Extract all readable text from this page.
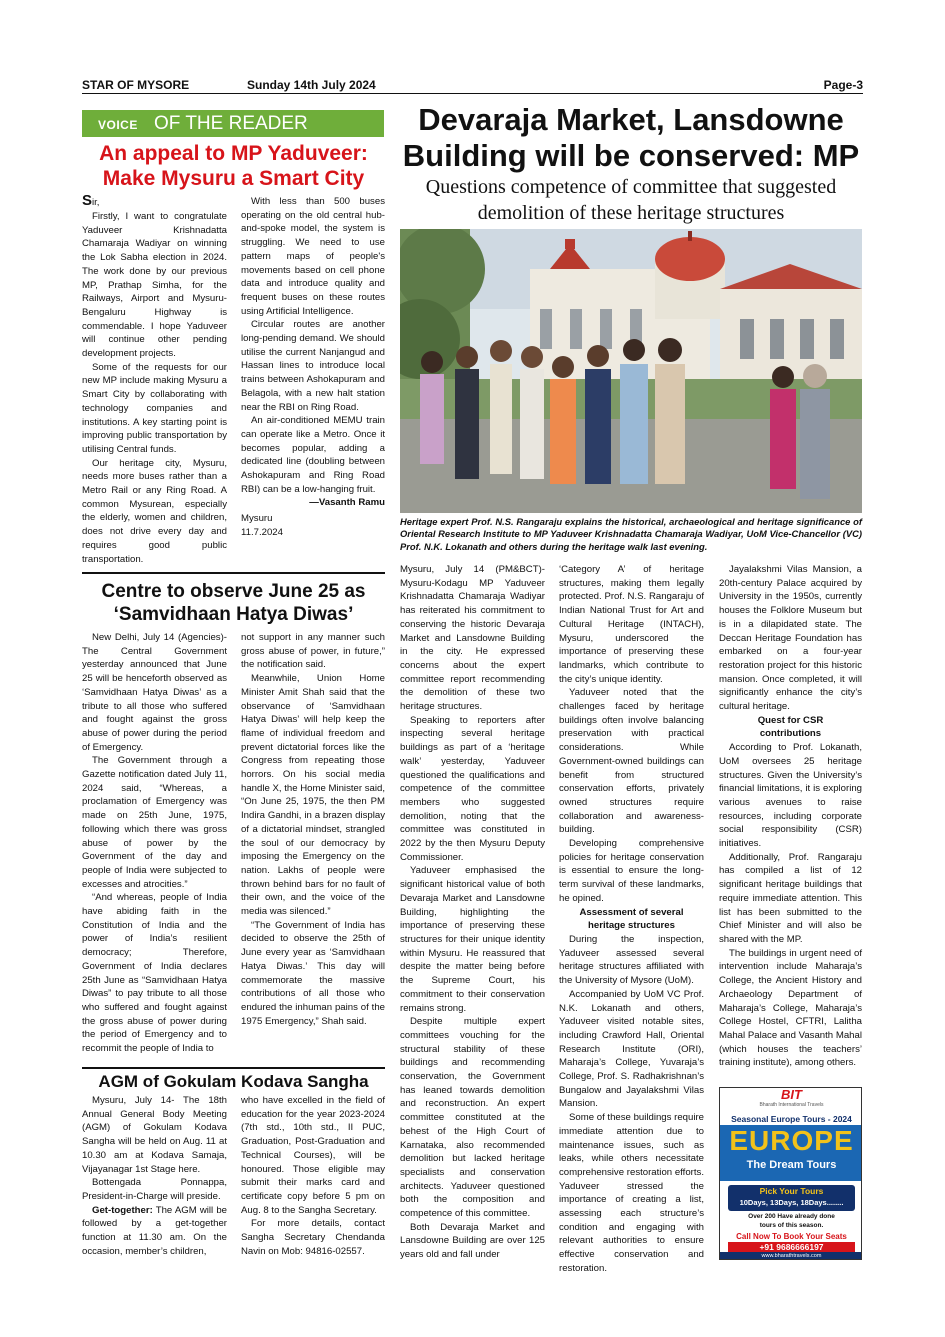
STAR OF MYSORE	Sunday 14th July 2024	Page-3
VOICE OF THE READER
An appeal to MP Yaduveer:
Make Mysuru a Smart City

Sir,

Firstly, I want to congratulate Yaduveer Krishnadatta Chamaraja Wadiyar on winning the Lok Sabha election in 2024. The work done by our previous MP, Prathap Simha, for the Railways, Airport and Mysuru-Bengaluru Highway is commendable. I hope Yaduveer will continue other pending development projects.

Some of the requests for our new MP include making Mysuru a Smart City by collaborating with technology companies and institutions. A key starting point is improving public transportation by utilising Central funds.

Our heritage city, Mysuru, needs more buses rather than a Metro Rail or any Ring Road. A common Mysurean, especially the elderly, women and children, does not drive every day and requires good public transportation.

With less than 500 buses operating on the old central hub-and-spoke model, the system is struggling. We need to use pattern maps of people's movements based on cell phone data and introduce quality and frequent buses on these routes using Artificial Intelligence.

Circular routes are another long-pending demand. We should utilise the current Nanjangud and Hassan lines to introduce local trains between Ashokapuram and Belagola, with a new halt station near the RBI on Ring Road.

An air-conditioned MEMU train can operate like a Metro. Once it becomes popular, adding a dedicated line (doubling between Ashokapuram and Ring Road RBI) can be a low-hanging fruit.

—Vasanth Ramu

Mysuru

11.7.2024

Centre to observe June 25 as
‘Samvidhaan Hatya Diwas’

New Delhi, July 14 (Agencies)- The Central Government yesterday announced that June 25 will be henceforth observed as ‘Samvidhaan Hatya Diwas’ as a tribute to all those who suffered and fought against the gross abuse of power during the period of Emergency.

The Government through a Gazette notification dated July 11, 2024 said, “Whereas, a proclamation of Emergency was made on 25th June, 1975, following which there was gross abuse of power by the Government of the day and people of India were subjected to excesses and atrocities.”

“And whereas, people of India have abiding faith in the Constitution of India and the power of India’s resilient democracy; Therefore, Government of India declares 25th June as “Samvidhaan Hatya Diwas” to pay tribute to all those who suffered and fought against the gross abuse of power during the period of Emergency and to recommit the people of India to

not support in any manner such gross abuse of power, in future,” the notification said.

Meanwhile, Union Home Minister Amit Shah said that the observance of ‘Samvidhaan Hatya Diwas’ will help keep the flame of individual freedom and prevent dictatorial forces like the Congress from repeating those horrors. On his social media handle X, the Home Minister said, “On June 25, 1975, the then PM Indira Gandhi, in a brazen display of a dictatorial mindset, strangled the soul of our democracy by imposing the Emergency on the nation. Lakhs of people were thrown behind bars for no fault of their own, and the voice of the media was silenced.”

“The Government of India has decided to observe the 25th of June every year as ‘Samvidhaan Hatya Diwas.’ This day will commemorate the massive contributions of all those who endured the inhuman pains of the 1975 Emergency,” Shah said.

AGM of Gokulam Kodava Sangha

Mysuru, July 14- The 18th Annual General Body Meeting (AGM) of Gokulam Kodava Sangha will be held on Aug. 11 at 10.30 am at Kodava Samaja, Vijayanagar 1st Stage here.

Bottengada Ponnappa, President-in-Charge will preside.

Get-together: The AGM will be followed by a get-together function at 11.30 am. On the occasion, member’s children,

who have excelled in the field of education for the year 2023-2024 (7th std., 10th std., II PUC, Graduation, Post-Graduation and Technical Courses), will be honoured. Those eligible may submit their marks card and certificate copy before 5 pm on Aug. 8 to the Sangha Secretary.

For more details, contact Sangha Secretary Chendanda Navin on Mob: 94816-02557.

Devaraja Market, Lansdowne
Building will be conserved: MP
Questions competence of committee that suggested
demolition of these heritage structures
Heritage expert Prof. N.S. Rangaraju explains the historical, archaeological and heritage significance of Oriental Research Institute to MP Yaduveer Krishnadatta Chamaraja Wadiyar, UoM Vice-Chancellor (VC) Prof. N.K. Lokanath and others during the heritage walk last evening.

Mysuru, July 14 (PM&BCT)- Mysuru-Kodagu MP Yaduveer Krishnadatta Chamaraja Wadiyar has reiterated his commitment to conserving the historic Devaraja Market and Lansdowne Building in the city. He expressed concerns about the expert committee report recommending the demolition of these two heritage structures.

Speaking to reporters after inspecting several heritage buildings as part of a ‘heritage walk’ yesterday, Yaduveer questioned the qualifications and competence of the committee members who suggested demolition, noting that the committee was constituted in 2022 by the then Mysuru Deputy Commissioner.

Yaduveer emphasised the significant historical value of both Devaraja Market and Lansdowne Building, highlighting the importance of preserving these structures for their unique identity within Mysuru. He reassured that despite the matter being before the Supreme Court, his commitment to their conservation remains strong.

Despite multiple expert committees vouching for the structural stability of these buildings and recommending conservation, the Government has leaned towards demolition and reconstruction. An expert committee constituted at the behest of the High Court of Karnataka, also recommended demolition but lacked heritage specialists and conservation architects. Yaduveer questioned both the composition and competence of this committee.

Both Devaraja Market and Lansdowne Building are over 125 years old and fall under

‘Category A’ of heritage structures, making them legally protected. Prof. N.S. Rangaraju of Indian National Trust for Art and Cultural Heritage (INTACH), Mysuru, underscored the importance of preserving these landmarks, which contribute to the city’s unique identity.

Yaduveer noted that the challenges faced by heritage buildings often involve balancing preservation with practical considerations. While Government-owned buildings can benefit from structured conservation efforts, privately owned structures require collaboration and awareness-building.

Developing comprehensive policies for heritage conservation is essential to ensure the long-term survival of these landmarks, he opined.

Assessment of several heritage structures

During the inspection, Yaduveer assessed several heritage structures affiliated with the University of Mysore (UoM).

Accompanied by UoM VC Prof. N.K. Lokanath and others, Yaduveer visited notable sites, including Crawford Hall, Oriental Research Institute (ORI), Maharaja’s College, Yuvaraja’s College, Prof. S. Radhakrishnan’s Bungalow and Jayalakshmi Vilas Mansion.

Some of these buildings require immediate attention due to maintenance issues, such as leaks, while others necessitate comprehensive restoration efforts. Yaduveer stressed the importance of creating a list, assessing each structure’s condition and engaging with relevant authorities to ensure effective conservation and restoration.

Jayalakshmi Vilas Mansion, a 20th-century Palace acquired by University in the 1950s, currently houses the Folklore Museum but is in a dilapidated state. The Deccan Heritage Foundation has embarked on a four-year restoration project for this historic mansion. Once completed, it will significantly enhance the city’s cultural heritage.

Quest for CSR contributions

According to Prof. Lokanath, UoM oversees 25 heritage structures. Given the University’s financial limitations, it is exploring various avenues to raise resources, including corporate social responsibility (CSR) initiatives.

Additionally, Prof. Rangaraju has compiled a list of 12 significant heritage buildings that require immediate attention. This list has been submitted to the Chief Minister and will also be shared with the MP.

The buildings in urgent need of intervention include Maharaja’s College, the Ancient History and Archaeology Department of Maharaja’s College, Maharaja’s College Hostel, CFTRI, Lalitha Mahal Palace and Vasanth Mahal (which houses the teachers’ training institute), among others.

BIT
Bharath International Travels
Seasonal Europe Tours - 2024
EUROPE
The Dream Tours
Pick Your Tours
10Days, 13Days, 18Days........
Over 200 Have already done
tours of this season.
Call Now To Book Your Seats
+91 9686666197
www.bharathtravels.com
